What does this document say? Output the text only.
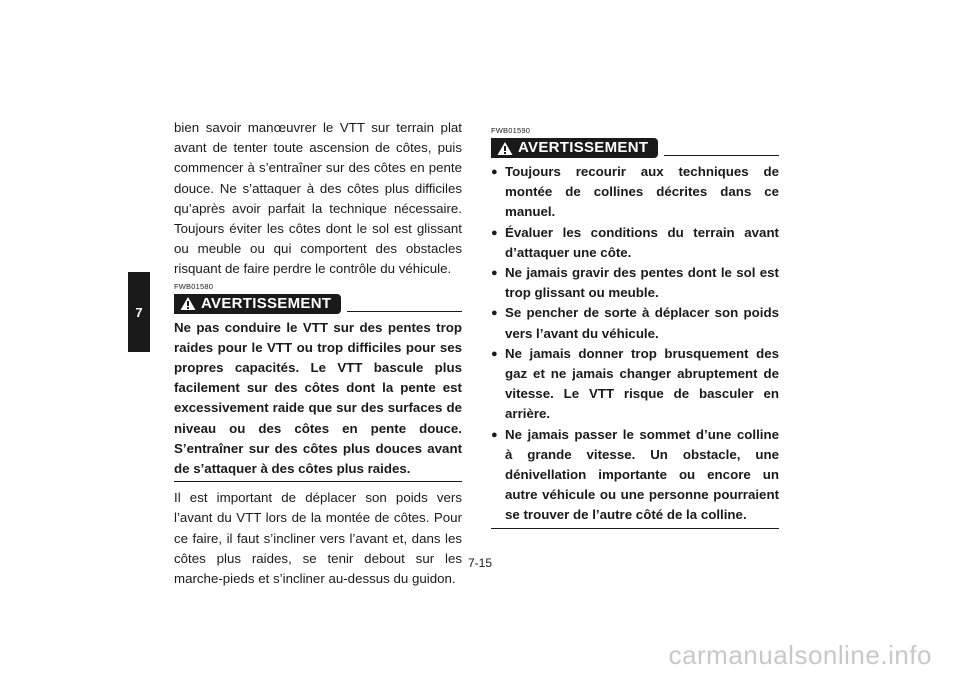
7

bien savoir manœuvrer le VTT sur terrain plat avant de tenter toute ascension de côtes, puis commencer à s’entraîner sur des côtes en pente douce. Ne s’attaquer à des côtes plus difficiles qu’après avoir parfait la technique nécessaire. Toujours éviter les côtes dont le sol est glissant ou meuble ou qui comportent des obstacles risquant de faire perdre le contrôle du véhicule.

FWB01580
AVERTISSEMENT
Ne pas conduire le VTT sur des pentes trop raides pour le VTT ou trop difficiles pour ses propres capacités. Le VTT bascule plus facilement sur des côtes dont la pente est excessivement raide que sur des surfaces de niveau ou des côtes en pente douce. S’entraîner sur des côtes plus douces avant de s’attaquer à des côtes plus raides.

Il est important de déplacer son poids vers l’avant du VTT lors de la montée de côtes. Pour ce faire, il faut s’incliner vers l’avant et, dans les côtes plus raides, se tenir debout sur les marche-pieds et s’incliner au-dessus du guidon.

FWB01590
AVERTISSEMENT
● Toujours recourir aux techniques de montée de collines décrites dans ce manuel.
● Évaluer les conditions du terrain avant d’attaquer une côte.
● Ne jamais gravir des pentes dont le sol est trop glissant ou meuble.
● Se pencher de sorte à déplacer son poids vers l’avant du véhicule.
● Ne jamais donner trop brusquement des gaz et ne jamais changer abruptement de vitesse. Le VTT risque de basculer en arrière.
● Ne jamais passer le sommet d’une colline à grande vitesse. Un obstacle, une dénivellation importante ou encore un autre véhicule ou une personne pourraient se trouver de l’autre côté de la colline.
7-15
carmanualsonline.info
